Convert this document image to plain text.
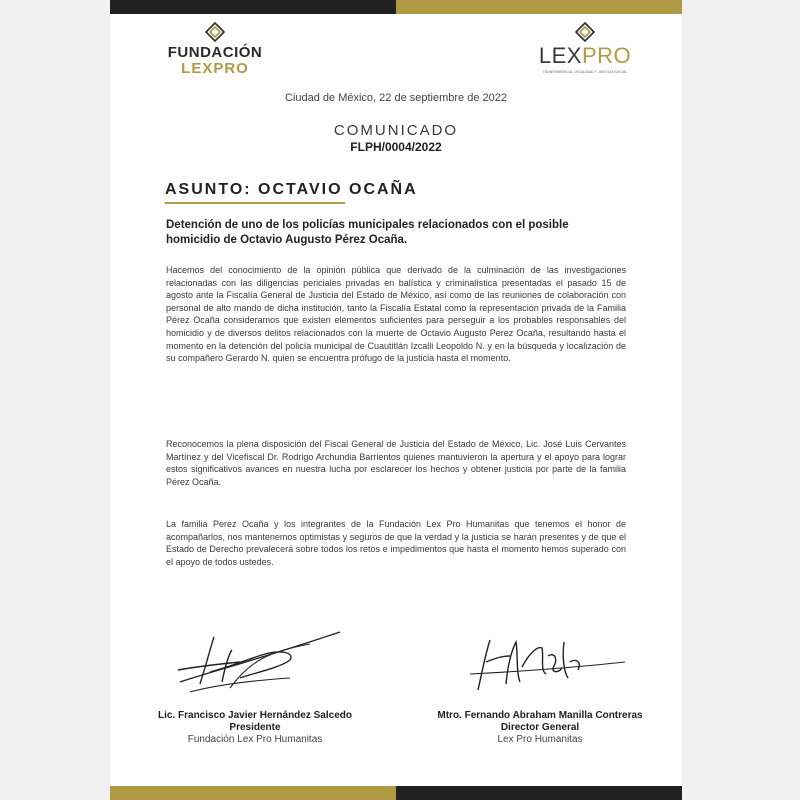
FUNDACIÓN
LEXPRO
LEXPRO
TRANSPARENCIA, LEGALIDAD Y JUSTICIA SOCIAL
Ciudad de México, 22 de septiembre de 2022
COMUNICADO
FLPH/0004/2022
ASUNTO: OCTAVIO OCAÑA
Detención de uno de los policías municipales relacionados con el posible homicidio de Octavio Augusto Pérez Ocaña.
Hacemos del conocimiento de la opinión pública que derivado de la culminación de las investigaciones relacionadas con las diligencias periciales privadas en balística y criminalística presentadas el pasado 15 de agosto ante la Fiscalía General de Justicia del Estado de México, así como de las reuniones de colaboración con personal de alto mando de dicha institución, tanto la Fiscalía Estatal como la representación privada de la Familia Pérez Ocaña consideramos que existen elementos suficientes para perseguir a los probables responsables del homicidio y de diversos delitos relacionados con la muerte de Octavio Augusto Perez Ocaña, resultando hasta el momento en la detención del policía municipal de Cuautitlán Izcalli Leopoldo N. y en la búsqueda y localización de su compañero Gerardo N. quien se encuentra prófugo de la justicia hasta el momento.
Reconocemos la plena disposición del Fiscal General de Justicia del Estado de México, Lic. José Luis Cervantes Martínez y del Vicefiscal Dr. Rodrigo Archundia Barrientos quienes mantuvieron la apertura y el apoyo para lograr estos significativos avances en nuestra lucha por esclarecer los hechos y obtener justicia por parte de la familia Pérez Ocaña.
La familia Perez Ocaña y los integrantes de la Fundación Lex Pro Humanitas que tenemos el honor de acompañarlos, nos mantenemos optimistas y seguros de que la verdad y la justicia se harán presentes y de que el Estado de Derecho prevalecerá sobre todos los retos e impedimentos que hasta el momento hemos superado con el apoyo de todos ustedes.
Lic. Francisco Javier Hernández Salcedo
Presidente
Fundación Lex Pro Humanitas
Mtro. Fernando Abraham Manilla Contreras
Director General
Lex Pro Humanitas
